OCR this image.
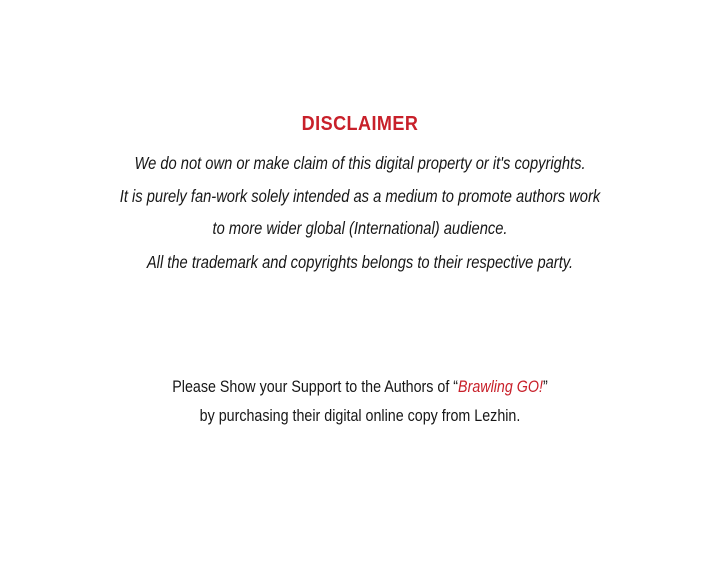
DISCLAIMER
We do not own or make claim of this digital property or it's copyrights.
It is purely fan-work solely intended as a medium to promote authors work
to more wider global (International) audience.
All the trademark and copyrights belongs to their respective party.
Please Show your Support to the Authors of “Brawling GO!”
by purchasing their digital online copy from Lezhin.
